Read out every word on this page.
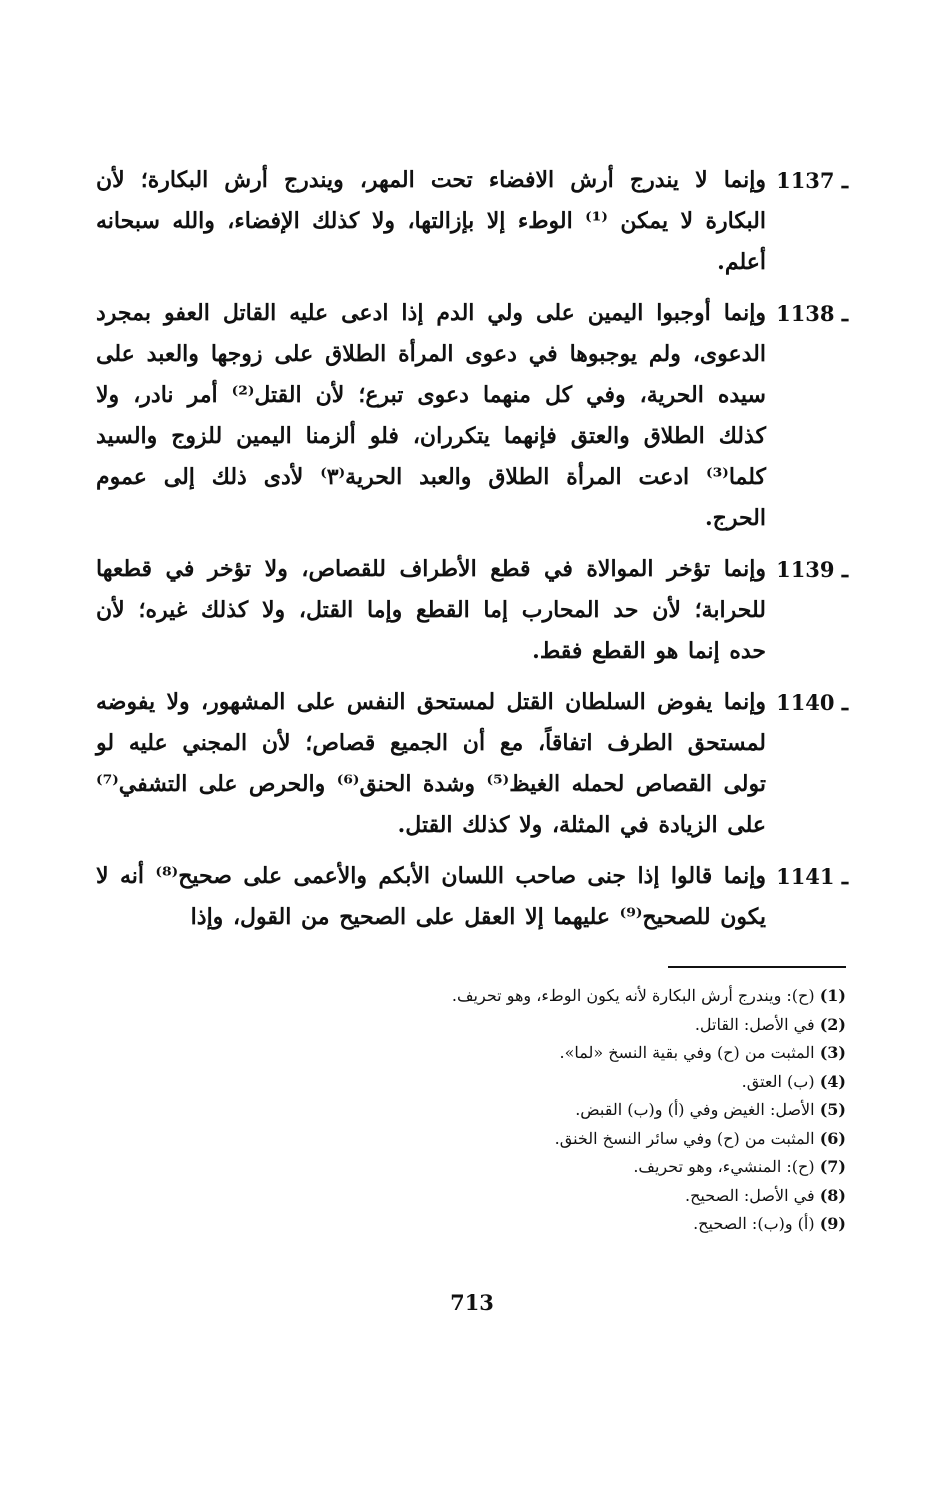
1137 ـ
وإنما لا يندرج أرش الافضاء تحت المهر، ويندرج أرش البكارة؛ لأن البكارة لا يمكن ⁽¹⁾ الوطء إلا بإزالتها، ولا كذلك الإفضاء، والله سبحانه أعلم.
1138 ـ
وإنما أوجبوا اليمين على ولي الدم إذا ادعى عليه القاتل العفو بمجرد الدعوى، ولم يوجبوها في دعوى المرأة الطلاق على زوجها والعبد على سيده الحرية، وفي كل منهما دعوى تبرع؛ لأن القتل⁽²⁾ أمر نادر، ولا كذلك الطلاق والعتق فإنهما يتكرران، فلو ألزمنا اليمين للزوج والسيد كلما⁽³⁾ ادعت المرأة الطلاق والعبد الحرية⁽٣⁾ لأدى ذلك إلى عموم الحرج.
1139 ـ
وإنما تؤخر الموالاة في قطع الأطراف للقصاص، ولا تؤخر في قطعها للحرابة؛ لأن حد المحارب إما القطع وإما القتل، ولا كذلك غيره؛ لأن حده إنما هو القطع فقط.
1140 ـ
وإنما يفوض السلطان القتل لمستحق النفس على المشهور، ولا يفوضه لمستحق الطرف اتفاقاً، مع أن الجميع قصاص؛ لأن المجني عليه لو تولى القصاص لحمله الغيظ⁽⁵⁾ وشدة الحنق⁽⁶⁾ والحرص على التشفي⁽⁷⁾ على الزيادة في المثلة، ولا كذلك القتل.
1141 ـ
وإنما قالوا إذا جنى صاحب اللسان الأبكم والأعمى على صحيح⁽⁸⁾ أنه لا يكون للصحيح⁽⁹⁾ عليهما إلا العقل على الصحيح من القول، وإذا
(1) (ح): ويندرج أرش البكارة لأنه يكون الوطء، وهو تحريف.
(2) في الأصل: القاتل.
(3) المثبت من (ح) وفي بقية النسخ «لما».
(4) (ب) العتق.
(5) الأصل: الغيض وفي (أ) و(ب) القبض.
(6) المثبت من (ح) وفي سائر النسخ الخنق.
(7) (ح): المنشيء، وهو تحريف.
(8) في الأصل: الصحيح.
(9) (أ) و(ب): الصحيح.
713
